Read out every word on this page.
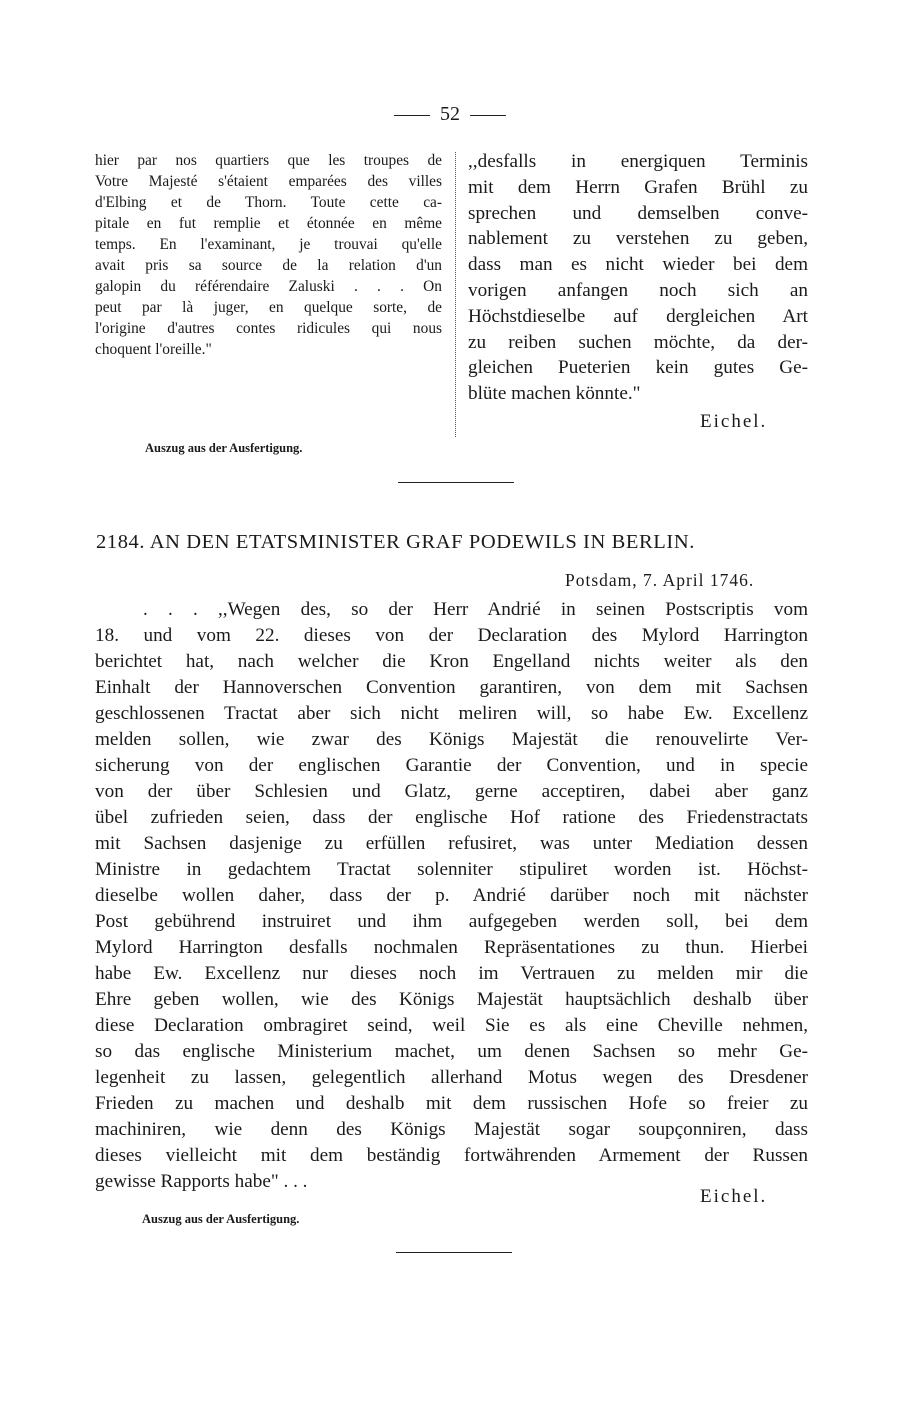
52
hier par nos quartiers que les troupes de
Votre Majesté s'étaient emparées des villes
d'Elbing et de Thorn. Toute cette ca-
pitale en fut remplie et étonnée en même
temps. En l'examinant, je trouvai qu'elle
avait pris sa source de la relation d'un
galopin du référendaire Zaluski . . . On
peut par là juger, en quelque sorte, de
l'origine d'autres contes ridicules qui nous
choquent l'oreille."
,,desfalls in energiquen Terminis
mit dem Herrn Grafen Brühl zu
sprechen und demselben conve-
nablement zu verstehen zu geben,
dass man es nicht wieder bei dem
vorigen anfangen noch sich an
Höchstdieselbe auf dergleichen Art
zu reiben suchen möchte, da der-
gleichen Pueterien kein gutes Ge-
blüte machen könnte."
Eichel.
Auszug aus der Ausfertigung.
2184. AN DEN ETATSMINISTER GRAF PODEWILS IN BERLIN.
Potsdam, 7. April 1746.
. . . ,,Wegen des, so der Herr Andrié in seinen Postscriptis vom
18. und vom 22. dieses von der Declaration des Mylord Harrington
berichtet hat, nach welcher die Kron Engelland nichts weiter als den
Einhalt der Hannoverschen Convention garantiren, von dem mit Sachsen
geschlossenen Tractat aber sich nicht meliren will, so habe Ew. Excellenz
melden sollen, wie zwar des Königs Majestät die renouvelirte Ver-
sicherung von der englischen Garantie der Convention, und in specie
von der über Schlesien und Glatz, gerne acceptiren, dabei aber ganz
übel zufrieden seien, dass der englische Hof ratione des Friedenstractats
mit Sachsen dasjenige zu erfüllen refusiret, was unter Mediation dessen
Ministre in gedachtem Tractat solenniter stipuliret worden ist. Höchst-
dieselbe wollen daher, dass der p. Andrié darüber noch mit nächster
Post gebührend instruiret und ihm aufgegeben werden soll, bei dem
Mylord Harrington desfalls nochmalen Repräsentationes zu thun. Hierbei
habe Ew. Excellenz nur dieses noch im Vertrauen zu melden mir die
Ehre geben wollen, wie des Königs Majestät hauptsächlich deshalb über
diese Declaration ombragiret seind, weil Sie es als eine Cheville nehmen,
so das englische Ministerium machet, um denen Sachsen so mehr Ge-
legenheit zu lassen, gelegentlich allerhand Motus wegen des Dresdener
Frieden zu machen und deshalb mit dem russischen Hofe so freier zu
machiniren, wie denn des Königs Majestät sogar soupçonniren, dass
dieses vielleicht mit dem beständig fortwährenden Armement der Russen
gewisse Rapports habe" . . .
Eichel.
Auszug aus der Ausfertigung.
